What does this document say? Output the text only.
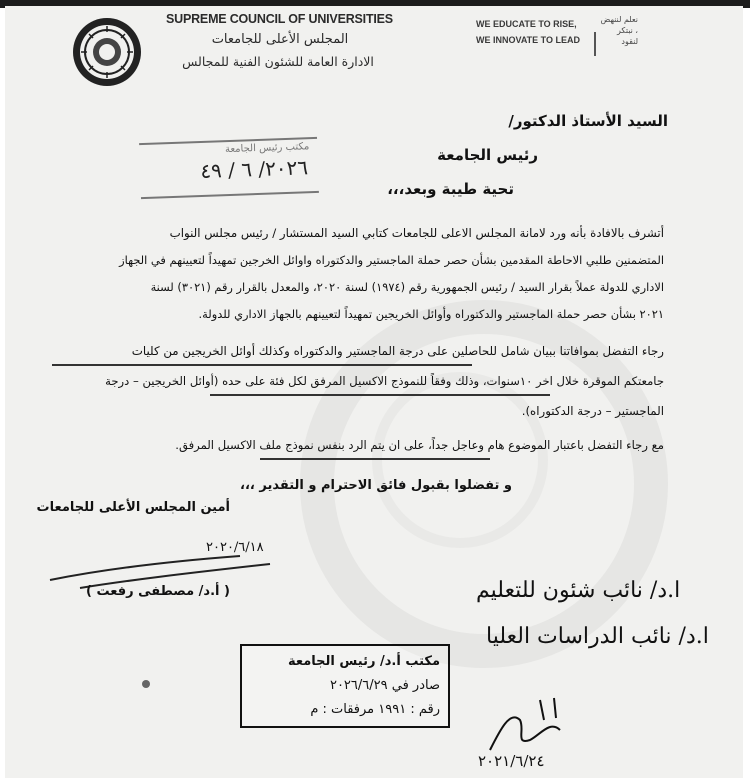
SUPREME COUNCIL OF UNIVERSITIES
المجلس الأعلى للجامعات
الادارة العامة للشئون الفنية للمجالس
WE EDUCATE TO RISE,
WE INNOVATE TO LEAD
نعلم لننهض ، نبتكر لنقود
السيد الأستاذ الدكتور/
رئيس الجامعة
تحية طيبة وبعد،،،
مكتب رئيس الجامعة
٢٠٢٦/ ٦ / ٤٩
أتشرف بالافادة بأنه ورد لامانة المجلس الاعلى للجامعات كتابي السيد المستشار / رئيس مجلس النواب
المتضمنين طلبي الاحاطة المقدمين بشأن حصر حملة الماجستير والدكتوراه واوائل الخرجين تمهيداً لتعيينهم في الجهاز
الاداري للدولة عملاً بقرار السيد / رئيس الجمهورية رقم (١٩٧٤) لسنة ٢٠٢٠، والمعدل بالقرار رقم (٣٠٢١) لسنة
٢٠٢١ بشأن حصر حملة الماجستير والدكتوراه وأوائل الخريجين تمهيداً لتعيينهم بالجهاز الاداري للدولة.
رجاء التفضل بموافاتنا ببيان شامل للحاصلين على درجة الماجستير والدكتوراه وكذلك أوائل الخريجين من كليات
جامعتكم الموقرة خلال اخر ١٠سنوات، وذلك وفقاً للنموذج الاكسيل المرفق لكل فئة على حده (أوائل الخريجين – درجة
الماجستير – درجة الدكتوراه).
مع رجاء التفضل باعتبار الموضوع هام وعاجل جداً، على ان يتم الرد بنفس نموذج ملف الاكسيل المرفق.
و تفضلوا بقبول فائق الاحترام و التقدير ،،،
أمين المجلس الأعلى للجامعات
٢٠٢٠/٦/١٨
( أ.د/ مصطفى رفعت )	ا.د/ نائب شئون للتعليم
ا.د/ نائب الدراسات العليا
مكتب أ.د/ رئيس الجامعة
صادر في ٢٠٢٦/٦/٢٩
رقم : ١٩٩١ مرفقات : م
٢٠٢١/٦/٢٤
